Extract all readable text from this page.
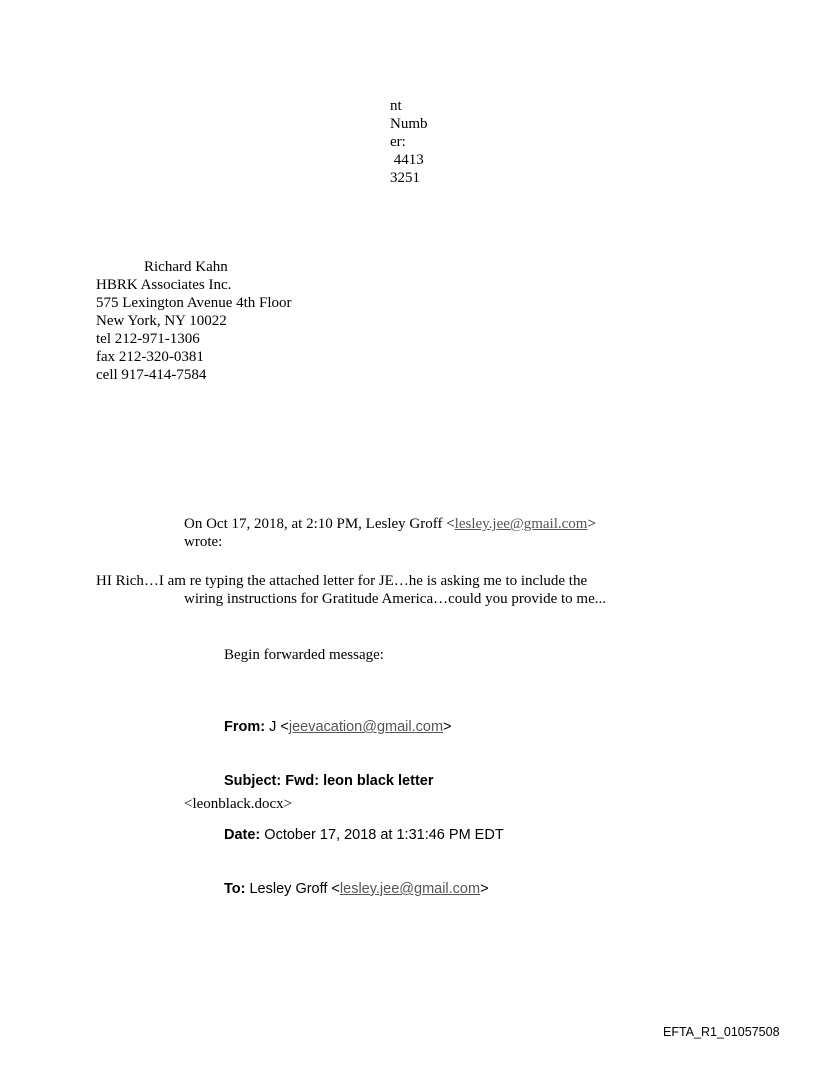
nt
Numb
er:
4413
3251
Richard Kahn
HBRK Associates Inc.
575 Lexington Avenue 4th Floor
New York, NY 10022
tel 212-971-1306
fax 212-320-0381
cell 917-414-7584
On Oct 17, 2018, at 2:10 PM, Lesley Groff <lesley.jee@gmail.com>
wrote:
HI Rich…I am re typing the attached letter for JE…he is asking me to include the
wiring instructions for Gratitude America…could you provide to me...
Begin forwarded message:

From: J <jeevacation@gmail.com>

Subject: Fwd: leon black letter

Date: October 17, 2018 at 1:31:46 PM EDT

To: Lesley Groff <lesley.jee@gmail.com>

<leonblack.docx>
EFTA_R1_01057508
